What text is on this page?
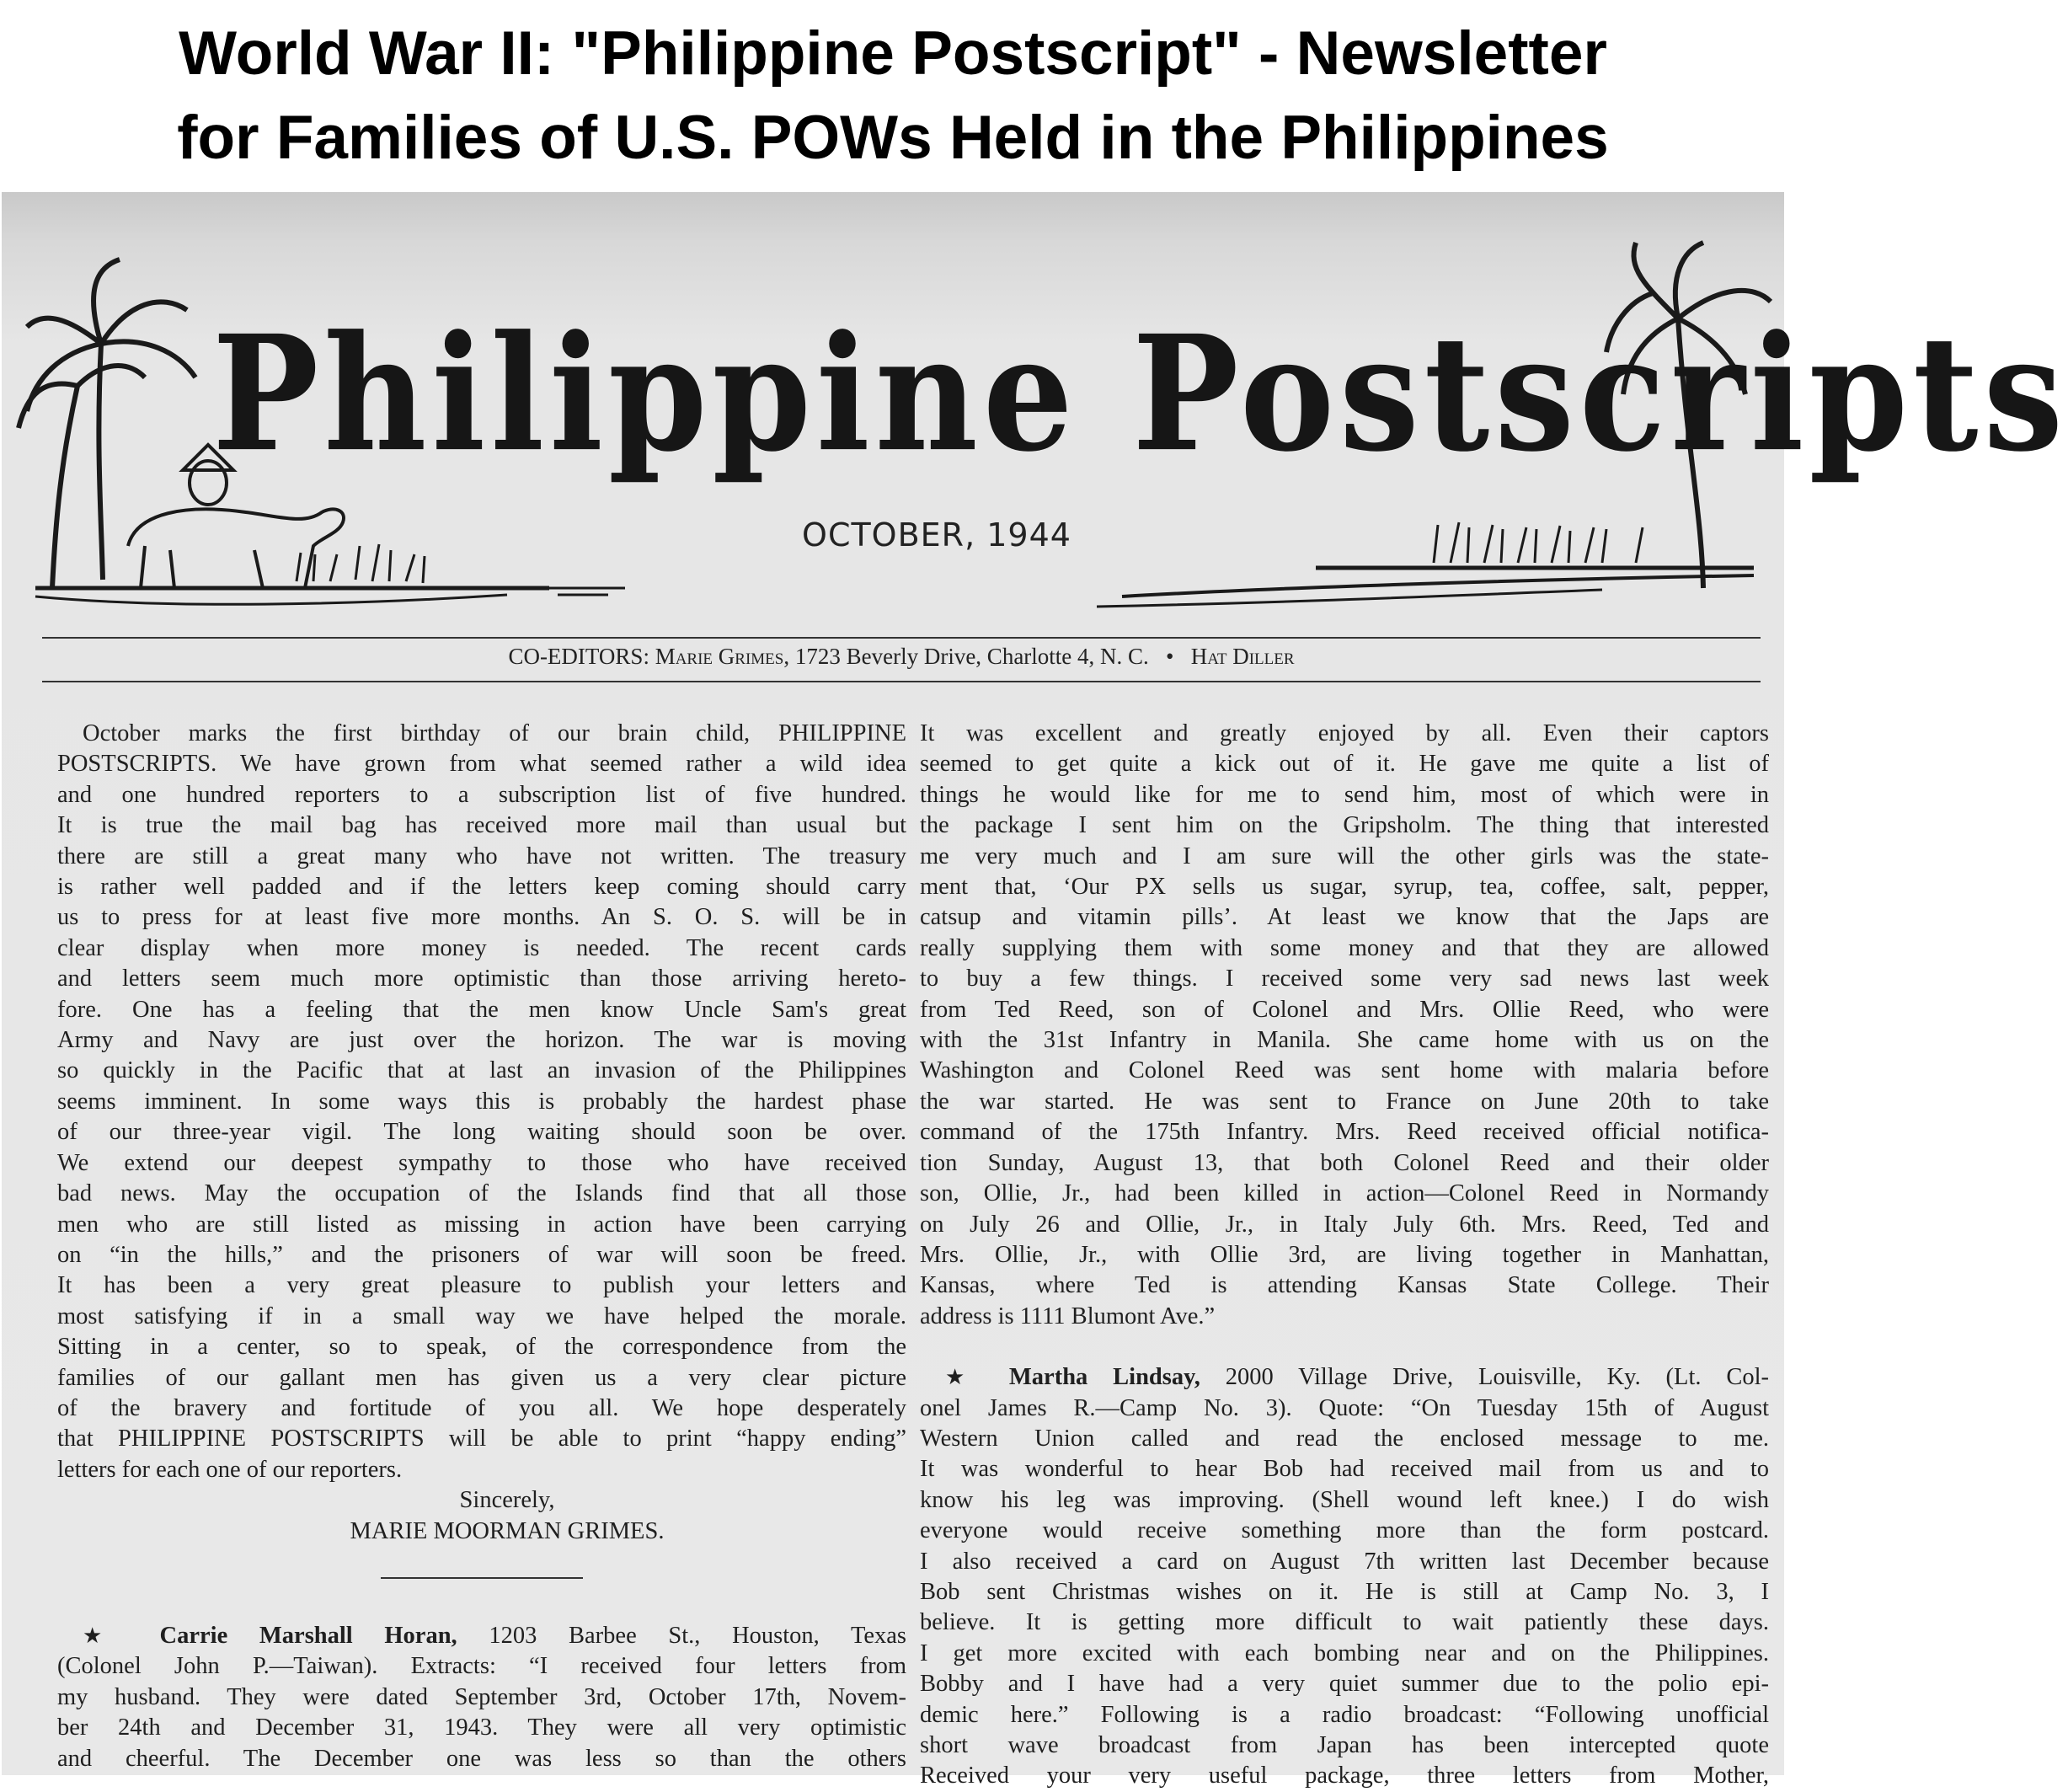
World War II: "Philippine Postscript" - Newsletter
for Families of U.S. POWs Held in the Philippines
Philippine Postscripts
OCTOBER, 1944
CO-EDITORS: Marie Grimes, 1723 Beverly Drive, Charlotte 4, N. C. • Hat Diller

October marks the first birthday of our brain child, PHILIPPINE

POSTSCRIPTS. We have grown from what seemed rather a wild idea

and one hundred reporters to a subscription list of five hundred.

It is true the mail bag has received more mail than usual but

there are still a great many who have not written. The treasury

is rather well padded and if the letters keep coming should carry

us to press for at least five more months. An S. O. S. will be in

clear display when more money is needed. The recent cards

and letters seem much more optimistic than those arriving hereto-

fore. One has a feeling that the men know Uncle Sam's great

Army and Navy are just over the horizon. The war is moving

so quickly in the Pacific that at last an invasion of the Philippines

seems imminent. In some ways this is probably the hardest phase

of our three-year vigil. The long waiting should soon be over.

We extend our deepest sympathy to those who have received

bad news. May the occupation of the Islands find that all those

men who are still listed as missing in action have been carrying

on “in the hills,” and the prisoners of war will soon be freed.

It has been a very great pleasure to publish your letters and

most satisfying if in a small way we have helped the morale.

Sitting in a center, so to speak, of the correspondence from the

families of our gallant men has given us a very clear picture

of the bravery and fortitude of you all. We hope desperately

that PHILIPPINE POSTSCRIPTS will be able to print “happy ending”

letters for each one of our reporters.

Sincerely,

MARIE MOORMAN GRIMES.

★ Carrie Marshall Horan, 1203 Barbee St., Houston, Texas

(Colonel John P.—Taiwan). Extracts: “I received four letters from

my husband. They were dated September 3rd, October 17th, Novem-

ber 24th and December 31, 1943. They were all very optimistic

and cheerful. The December one was less so than the others

It was excellent and greatly enjoyed by all. Even their captors

seemed to get quite a kick out of it. He gave me quite a list of

things he would like for me to send him, most of which were in

the package I sent him on the Gripsholm. The thing that interested

me very much and I am sure will the other girls was the state-

ment that, ‘Our PX sells us sugar, syrup, tea, coffee, salt, pepper,

catsup and vitamin pills’. At least we know that the Japs are

really supplying them with some money and that they are allowed

to buy a few things. I received some very sad news last week

from Ted Reed, son of Colonel and Mrs. Ollie Reed, who were

with the 31st Infantry in Manila. She came home with us on the

Washington and Colonel Reed was sent home with malaria before

the war started. He was sent to France on June 20th to take

command of the 175th Infantry. Mrs. Reed received official notifica-

tion Sunday, August 13, that both Colonel Reed and their older

son, Ollie, Jr., had been killed in action—Colonel Reed in Normandy

on July 26 and Ollie, Jr., in Italy July 6th. Mrs. Reed, Ted and

Mrs. Ollie, Jr., with Ollie 3rd, are living together in Manhattan,

Kansas, where Ted is attending Kansas State College. Their

address is 1111 Blumont Ave.”

★ Martha Lindsay, 2000 Village Drive, Louisville, Ky. (Lt. Col-

onel James R.—Camp No. 3). Quote: “On Tuesday 15th of August

Western Union called and read the enclosed message to me.

It was wonderful to hear Bob had received mail from us and to

know his leg was improving. (Shell wound left knee.) I do wish

everyone would receive something more than the form postcard.

I also received a card on August 7th written last December because

Bob sent Christmas wishes on it. He is still at Camp No. 3, I

believe. It is getting more difficult to wait patiently these days.

I get more excited with each bombing near and on the Philippines.

Bobby and I have had a very quiet summer due to the polio epi-

demic here.” Following is a radio broadcast: “Following unofficial

short wave broadcast from Japan has been intercepted quote

Received your very useful package, three letters from Mother,
